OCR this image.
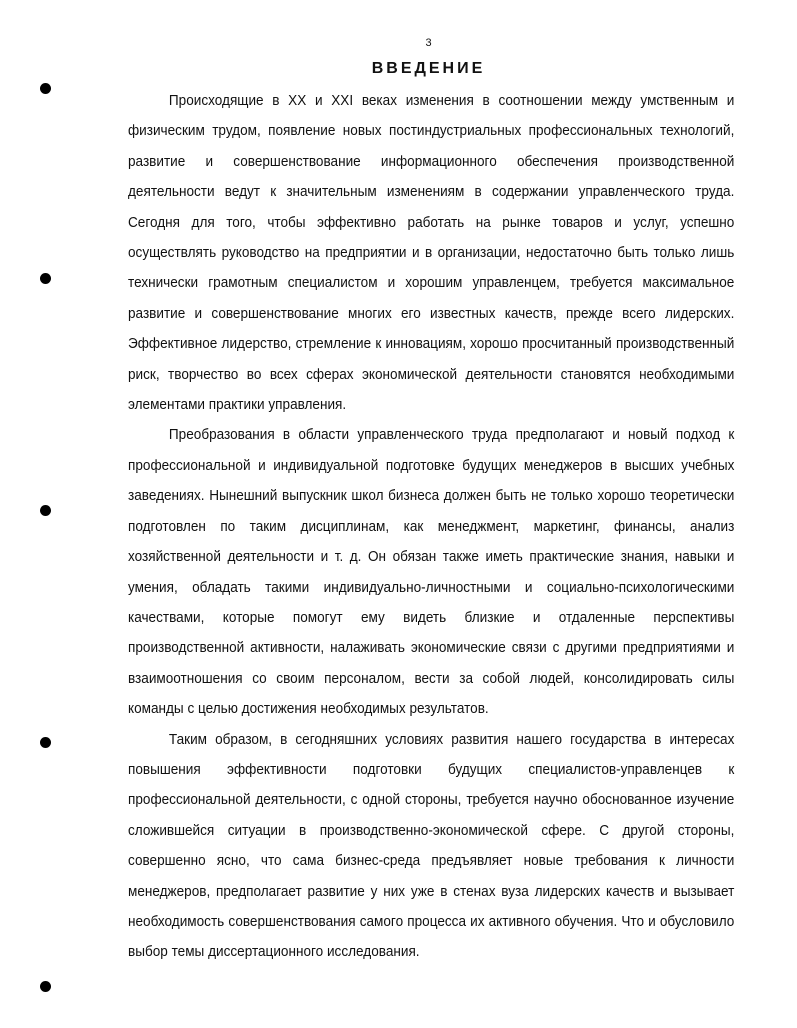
3
ВВЕДЕНИЕ

Происходящие в XX и XXI веках изменения в соотношении между умственным и физическим трудом, появление новых постиндустриальных профессиональных технологий, развитие и совершенствование информационного обеспечения производственной деятельности ведут к значительным изменениям в содержании управленческого труда. Сегодня для того, чтобы эффективно работать на рынке товаров и услуг, успешно осуществлять руководство на предприятии и в организации, недостаточно быть только лишь технически грамотным специалистом и хорошим управленцем, требуется максимальное развитие и совершенствование многих его известных качеств, прежде всего лидерских. Эффективное лидерство, стремление к инновациям, хорошо просчитанный производственный риск, творчество во всех сферах экономической деятельности становятся необходимыми элементами практики управления.

Преобразования в области управленческого труда предполагают и новый подход к профессиональной и индивидуальной подготовке будущих менеджеров в высших учебных заведениях. Нынешний выпускник школ бизнеса должен быть не только хорошо теоретически подготовлен по таким дисциплинам, как менеджмент, маркетинг, финансы, анализ хозяйственной деятельности и т. д. Он обязан также иметь практические знания, навыки и умения, обладать такими индивидуально-личностными и социально-психологическими качествами, которые помогут ему видеть близкие и отдаленные перспективы производственной активности, налаживать экономические связи с другими предприятиями и взаимоотношения со своим персоналом, вести за собой людей, консолидировать силы команды с целью достижения необходимых результатов.

Таким образом, в сегодняшних условиях развития нашего государства в интересах повышения эффективности подготовки будущих специалистов-управленцев к профессиональной деятельности, с одной стороны, требуется научно обоснованное изучение сложившейся ситуации в производственно-экономической сфере. С другой стороны, совершенно ясно, что сама бизнес-среда предъявляет новые требования к личности менеджеров, предполагает развитие у них уже в стенах вуза лидерских качеств и вызывает необходимость совершенствования самого процесса их активного обучения. Что и обусловило выбор темы диссертационного исследования.
